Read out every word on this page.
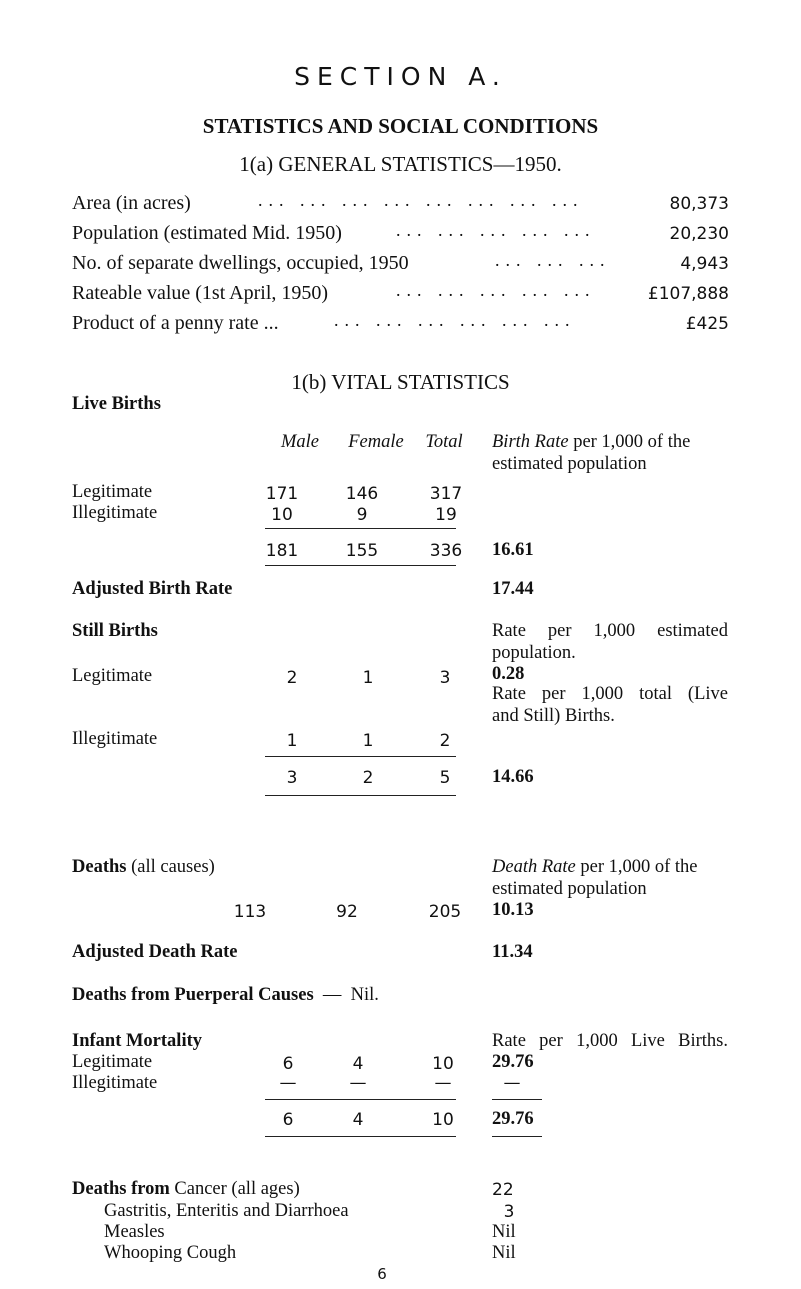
SECTION A.
STATISTICS AND SOCIAL CONDITIONS
1(a) GENERAL STATISTICS—1950.
Area (in acres)	... ... ... ... ... ... ... ...	80,373
Population (estimated Mid. 1950)	... ... ... ... ...	20,230
No. of separate dwellings, occupied, 1950	... ... ...	4,943
Rateable value (1st April, 1950)	... ... ... ... ...	£107,888
Product of a penny rate ...	... ... ... ... ... ...	£425
1(b) VITAL STATISTICS
Live Births
Male	Female	Total	Birth Rate per 1,000 of the
estimated population
Legitimate	171	146	317
Illegitimate	10	9	19
181	155	336	16.61
Adjusted Birth Rate	17.44
Still Births	Rate per 1,000 estimated
population.
Legitimate	2	1	3	0.28
Rate per 1,000 total (Live
and Still) Births.
Illegitimate	1	1	2
3	2	5	14.66
Deaths (all causes)	Death Rate per 1,000 of the
estimated population
113	92	205	10.13
Adjusted Death Rate	11.34
Deaths from Puerperal Causes — Nil.
Infant Mortality	Rate per 1,000 Live Births.
Legitimate	6	4	10	29.76
Illegitimate	—	—	—	—
6	4	10	29.76
Deaths from Cancer (all ages)	22
Gastritis, Enteritis and Diarrhoea	3
Measles	Nil
Whooping Cough	Nil
6
